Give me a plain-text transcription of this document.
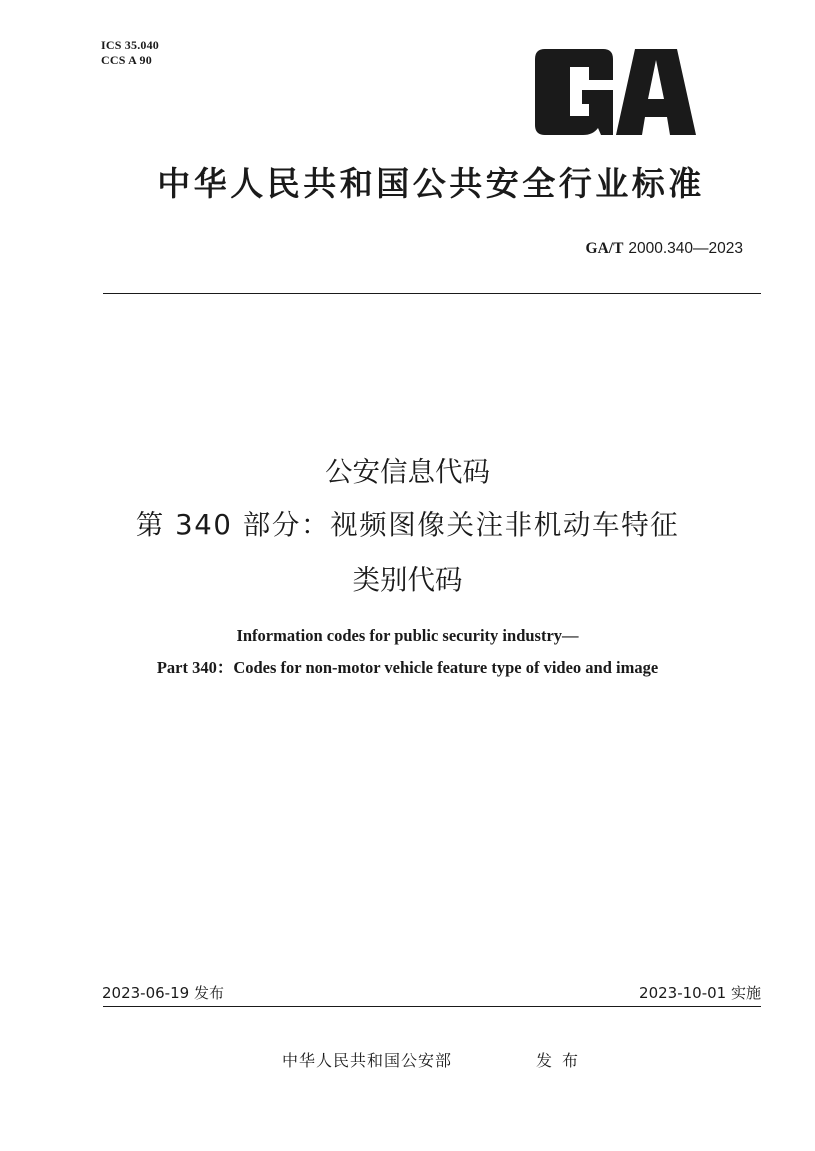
ICS 35.040
CCS A 90
中华人民共和国公共安全行业标准
GA/T 2000.340—2023
公安信息代码
第 340 部分：视频图像关注非机动车特征
类别代码
Information codes for public security industry—
Part 340：Codes for non-motor vehicle feature type of video and image
2023-06-19 发布	2023-10-01 实施
中华人民共和国公安部	发布
